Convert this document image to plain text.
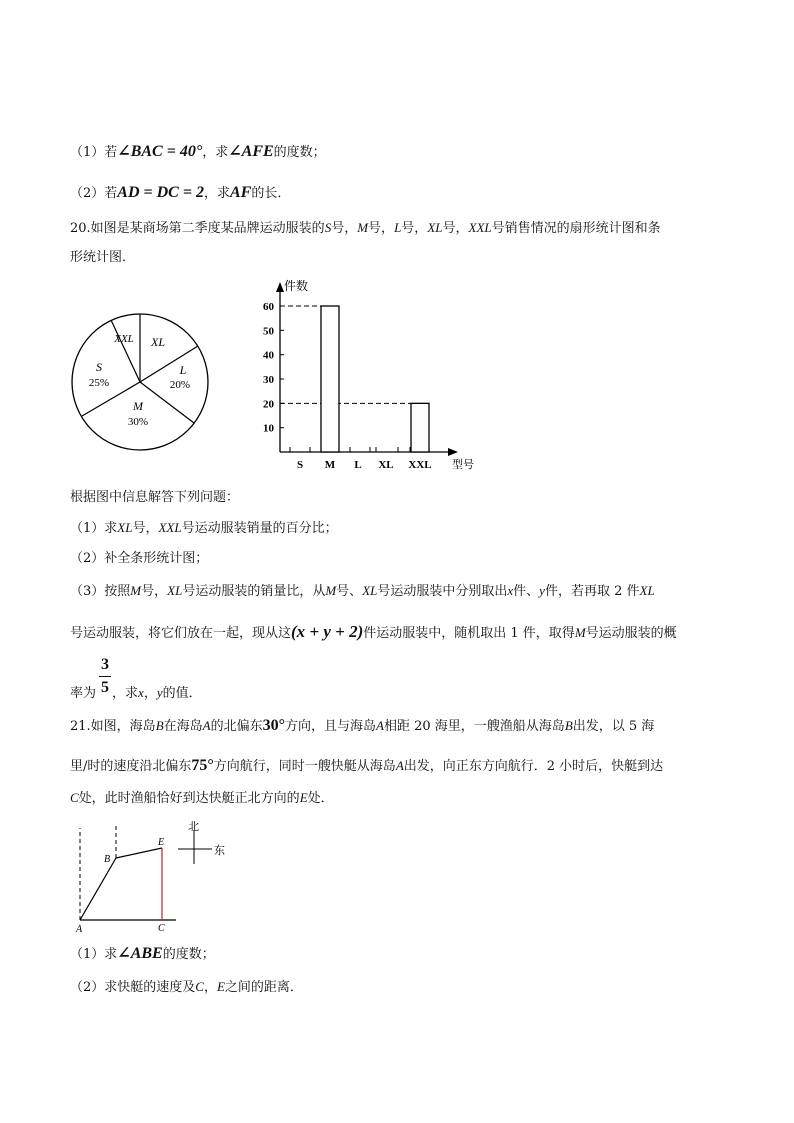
（1）若∠BAC = 40°，求∠AFE的度数；
（2）若AD = DC = 2，求AF的长．
20.如图是某商场第二季度某品牌运动服装的S号，M号，L号，XL号，XXL号销售情况的扇形统计图和条
形统计图．
XXL XL
S
25%
L
20%
M
30%
件数
型号
10
20
30
40
50
60
S M L XL XXL
根据图中信息解答下列问题：
（1）求XL号，XXL号运动服装销量的百分比；
（2）补全条形统计图；
（3）按照M号，XL号运动服装的销量比，从M号、XL号运动服装中分别取出x件、y件，若再取 2 件XL
号运动服装，将它们放在一起，现从这(x + y + 2)件运动服装中，随机取出 1 件，取得M号运动服装的概
3
5
率为 ，求x，y的值．
21.如图，海岛B在海岛A的北偏东30°方向，且与海岛A相距 20 海里，一艘渔船从海岛B出发，以 5 海
里/时的速度沿北偏东75°方向航行，同时一艘快艇从海岛A出发，向正东方向航行．2 小时后，快艇到达
C处，此时渔船恰好到达快艇正北方向的E处．
A
B
C
E
北
东
（1）求∠ABE的度数；
（2）求快艇的速度及C，E之间的距离．
